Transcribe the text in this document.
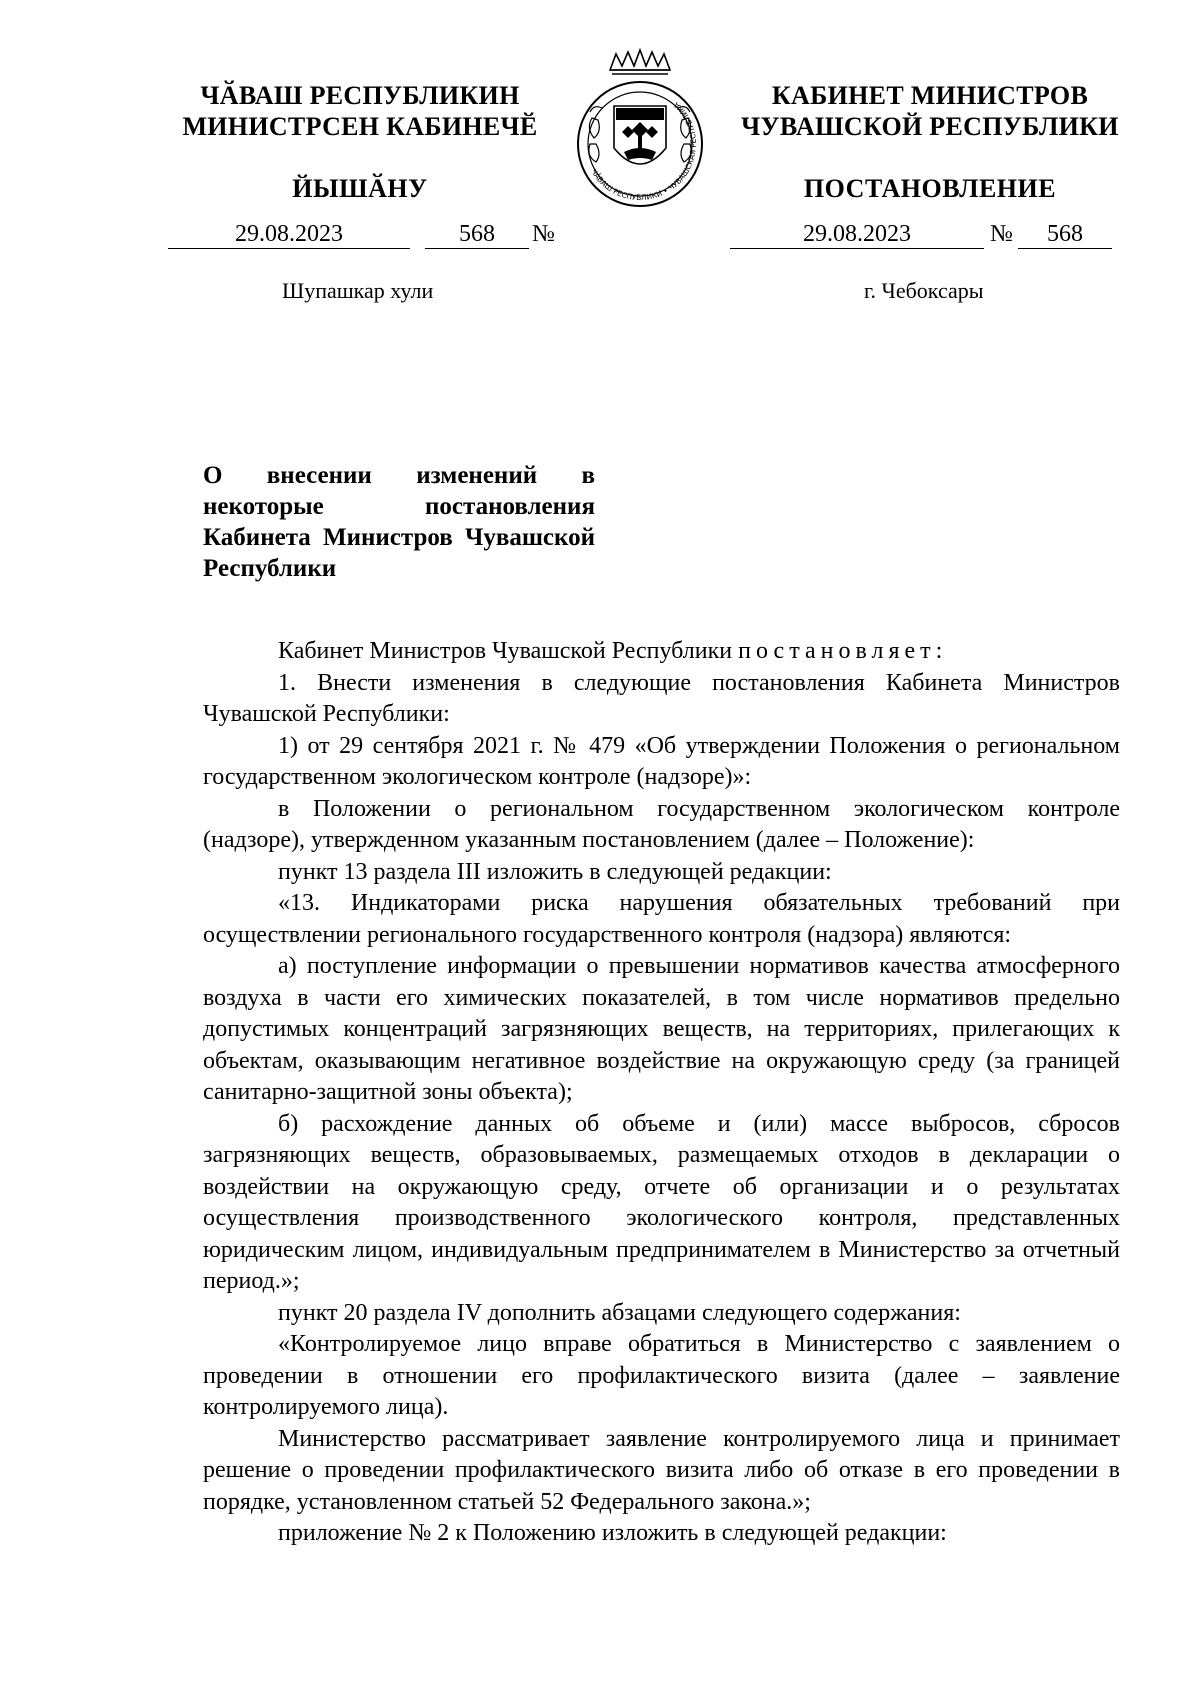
ЧӐВАШ РЕСПУБЛИКИН
МИНИСТРСЕН КАБИНЕЧӖ
ЙЫШӐНУ
ЧӐВАШ РЕСПУБЛИКИ • ЧУВАШСКАЯ РЕСПУБЛИКА	КАБИНЕТ МИНИСТРОВ
ЧУВАШСКОЙ РЕСПУБЛИКИ
ПОСТАНОВЛЕНИЕ
29.08.2023	568	№	29.08.2023	№	568
Шупашкар хули	г. Чебоксары
О внесении изменений в некоторые постановления Кабинета Министров Чувашской Республики

Кабинет Министров Чувашской Республики постановляет:

1. Внести изменения в следующие постановления Кабинета Министров Чувашской Республики:

1) от 29 сентября 2021 г. № 479 «Об утверждении Положения о региональном государственном экологическом контроле (надзоре)»:

в Положении о региональном государственном экологическом контроле (надзоре), утвержденном указанным постановлением (далее – Положение):

пункт 13 раздела III изложить в следующей редакции:

«13. Индикаторами риска нарушения обязательных требований при осуществлении регионального государственного контроля (надзора) являются:

а) поступление информации о превышении нормативов качества атмосферного воздуха в части его химических показателей, в том числе нормативов предельно допустимых концентраций загрязняющих веществ, на территориях, прилегающих к объектам, оказывающим негативное воздействие на окружающую среду (за границей санитарно-защитной зоны объекта);

б) расхождение данных об объеме и (или) массе выбросов, сбросов загрязняющих веществ, образовываемых, размещаемых отходов в декларации о воздействии на окружающую среду, отчете об организации и о результатах осуществления производственного экологического контроля, представленных юридическим лицом, индивидуальным предпринимателем в Министерство за отчетный период.»;

пункт 20 раздела IV дополнить абзацами следующего содержания:

«Контролируемое лицо вправе обратиться в Министерство с заявлением о проведении в отношении его профилактического визита (далее – заявление контролируемого лица).

Министерство рассматривает заявление контролируемого лица и принимает решение о проведении профилактического визита либо об отказе в его проведении в порядке, установленном статьей 52 Федерального закона.»;

приложение № 2 к Положению изложить в следующей редакции:
